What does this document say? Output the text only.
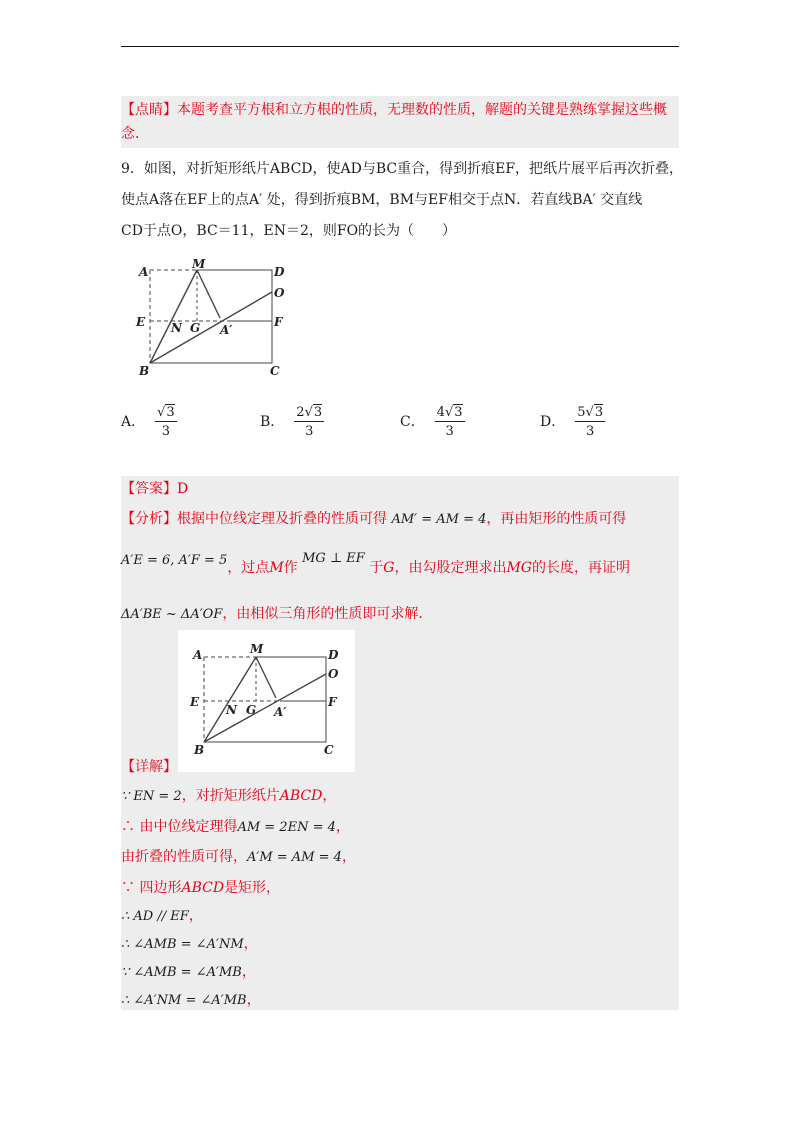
【点睛】本题考查平方根和立方根的性质，无理数的性质，解题的关键是熟练掌握这些概
念．
9．如图，对折矩形纸片ABCD，使AD与BC重合，得到折痕EF，把纸片展平后再次折叠，
使点A落在EF上的点A′ 处，得到折痕BM，BM与EF相交于点N．若直线BA′ 交直线
CD于点O，BC＝11，EN＝2，则FO的长为（　　）
A
M
D
O
E N G A′
F
B	C
A． $\frac{√3}{3}$	B． $\frac{2√3}{3}$	C． $\frac{4√3}{3}$	D． $\frac{5√3}{3}$
【答案】D
【分析】根据中位线定理及折叠的性质可得 AM′ = AM = 4，再由矩形的性质可得
A′E = 6, A′F = 5，过点M作 MG ⊥ EF 于G，由勾股定理求出MG的长度，再证明
ΔA′BE ~ ΔA′OF，由相似三角形的性质即可求解．
A	M	D
O
E
N G A′
F
B	C
【详解】
∵ EN = 2，对折矩形纸片ABCD，
∴ 由中位线定理得AM = 2EN = 4，
由折叠的性质可得，A′M = AM = 4，
∵ 四边形ABCD是矩形，
∴ AD // EF，
∴ ∠AMB = ∠A′NM，
∵ ∠AMB = ∠A′MB，
∴ ∠A′NM = ∠A′MB，
